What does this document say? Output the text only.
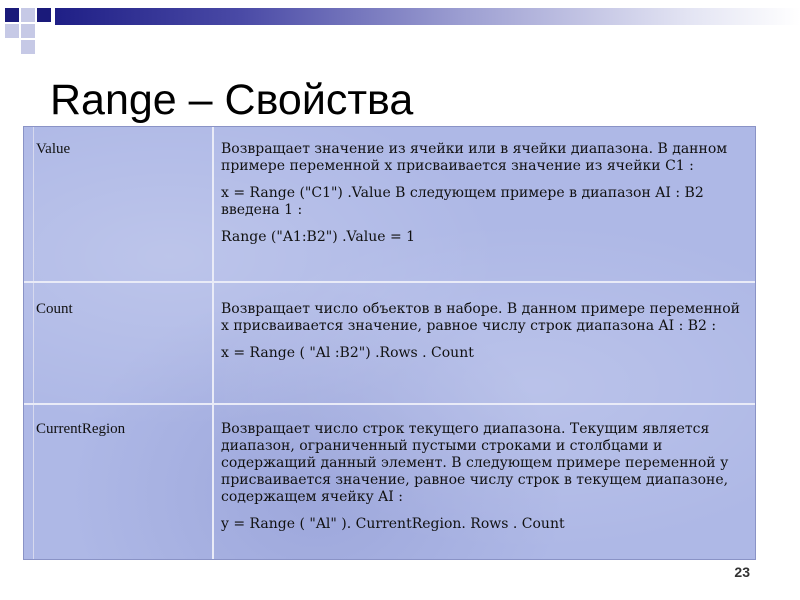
Range – Свойства
Value	Возвращает значение из ячейки или в ячейки диапазона. В данном примере переменной х присваивается значение из ячейки С1 :

x = Range ("C1") .Value В следующем примере в диапазон AI : B2 введена 1 :

Range ("A1:B2") .Value = 1

Count	Возвращает число объектов в наборе. В данном примере переменной х присваивается значение, равное числу строк диапазона AI : B2 :

x = Range ( "Al :B2") .Rows . Count

CurrentRegion	Возвращает число строк текущего диапазона. Текущим является диапазон, ограниченный пустыми строками и столбцами и содержащий данный элемент. В следующем примере переменной у присваивается значение, равное числу строк в текущем диапазоне, содержащем ячейку AI :

y = Range ( "Al" ). CurrentRegion. Rows . Count

23
